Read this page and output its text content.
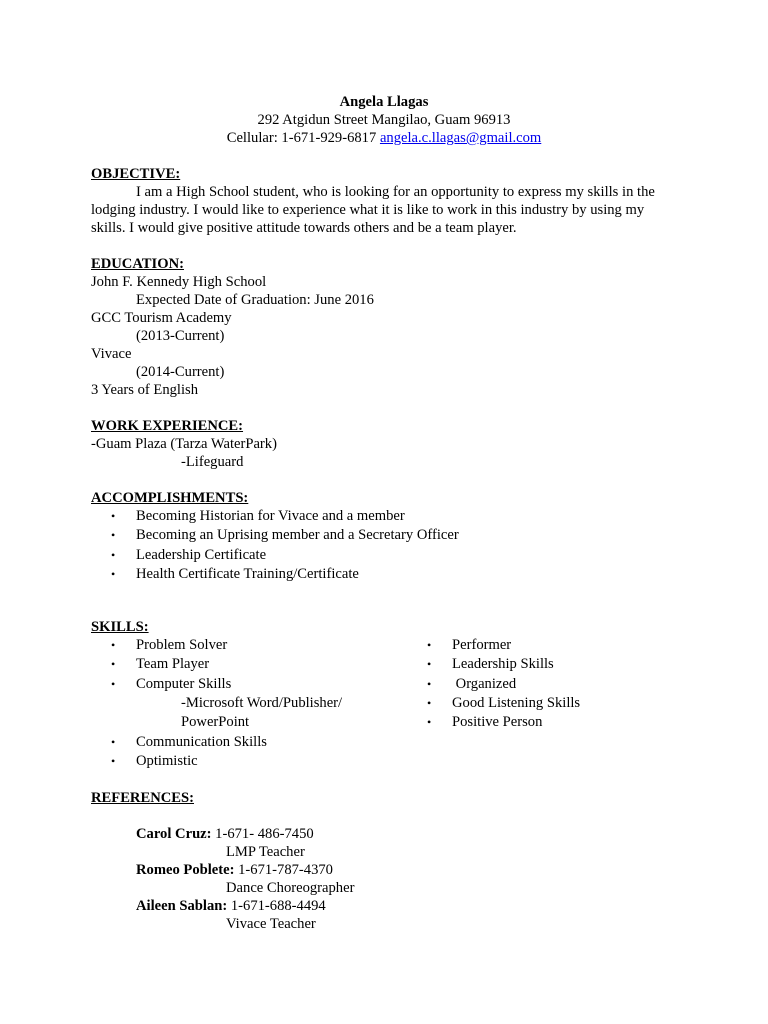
Angela Llagas
292 Atgidun Street Mangilao, Guam 96913
Cellular: 1-671-929-6817 angela.c.llagas@gmail.com
OBJECTIVE:
I am a High School student, who is looking for an opportunity to express my skills in the
lodging industry. I would like to experience what it is like to work in this industry by using my
skills. I would give positive attitude towards others and be a team player.
EDUCATION:
John F. Kennedy High School
Expected Date of Graduation: June 2016
GCC Tourism Academy
(2013-Current)
Vivace
(2014-Current)
3 Years of English
WORK EXPERIENCE:
-Guam Plaza (Tarza WaterPark)
-Lifeguard
ACCOMPLISHMENTS:
• Becoming Historian for Vivace and a member
• Becoming an Uprising member and a Secretary Officer
• Leadership Certificate
• Health Certificate Training/Certificate
SKILLS:
• Problem Solver
• Team Player
• Computer Skills
-Microsoft Word/Publisher/
PowerPoint
• Communication Skills
• Optimistic
• Performer
• Leadership Skills
• Organized
• Good Listening Skills
• Positive Person
REFERENCES:
Carol Cruz: 1-671- 486-7450
LMP Teacher
Romeo Poblete: 1-671-787-4370
Dance Choreographer
Aileen Sablan: 1-671-688-4494
Vivace Teacher
